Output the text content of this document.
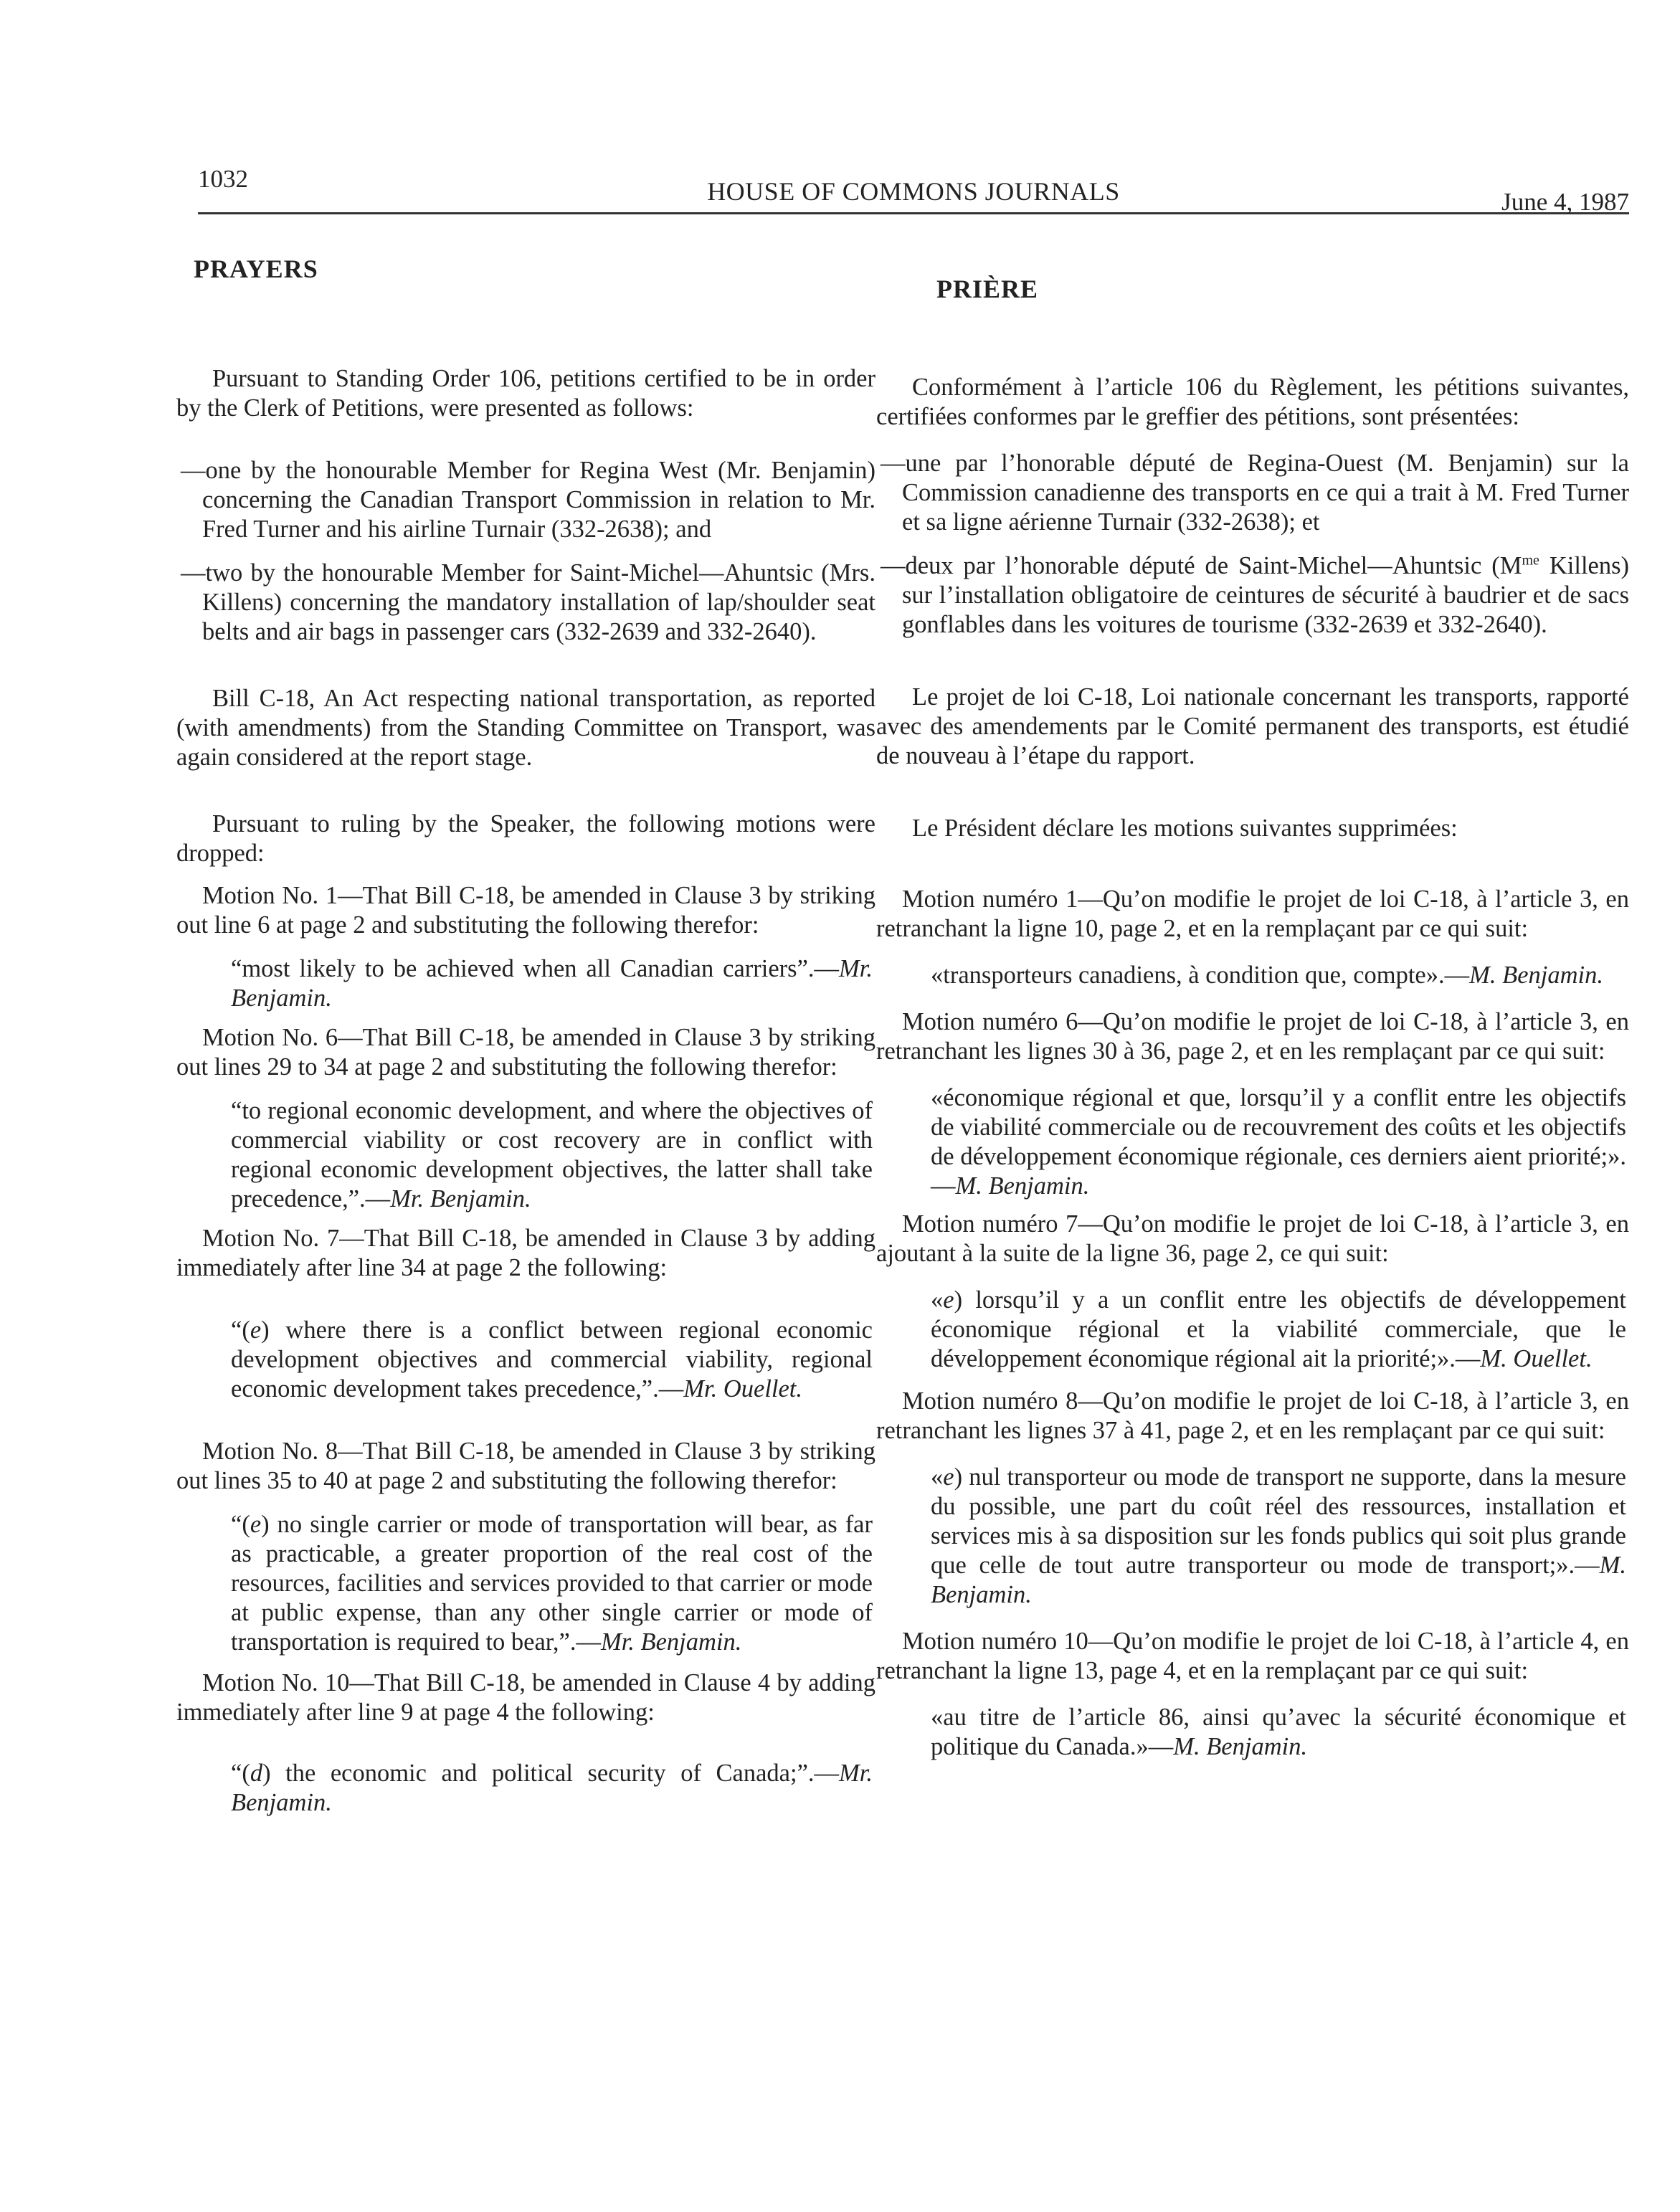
1032	HOUSE OF COMMONS JOURNALS	June 4, 1987
PRAYERS

Pursuant to Standing Order 106, petitions certified to be in order by the Clerk of Petitions, were presented as follows:

—one by the honourable Member for Regina West (Mr. Benjamin) concerning the Canadian Transport Commission in relation to Mr. Fred Turner and his airline Turnair (332-2638); and

—two by the honourable Member for Saint-Michel—Ahuntsic (Mrs. Killens) concerning the mandatory installation of lap/shoulder seat belts and air bags in passenger cars (332-2639 and 332-2640).

Bill C-18, An Act respecting national transportation, as reported (with amendments) from the Standing Committee on Transport, was again considered at the report stage.

Pursuant to ruling by the Speaker, the following motions were dropped:

Motion No. 1—That Bill C-18, be amended in Clause 3 by striking out line 6 at page 2 and substituting the following therefor:

“most likely to be achieved when all Canadian carriers”.—Mr. Benjamin.

Motion No. 6—That Bill C-18, be amended in Clause 3 by striking out lines 29 to 34 at page 2 and substituting the following therefor:

“to regional economic development, and where the objectives of commercial viability or cost recovery are in conflict with regional economic development objectives, the latter shall take precedence,”.—Mr. Benjamin.

Motion No. 7—That Bill C-18, be amended in Clause 3 by adding immediately after line 34 at page 2 the following:

“(e) where there is a conflict between regional economic development objectives and commercial viability, regional economic development takes precedence,”.—Mr. Ouellet.

Motion No. 8—That Bill C-18, be amended in Clause 3 by striking out lines 35 to 40 at page 2 and substituting the following therefor:

“(e) no single carrier or mode of transportation will bear, as far as practicable, a greater proportion of the real cost of the resources, facilities and services provided to that carrier or mode at public expense, than any other single carrier or mode of transportation is required to bear,”.—Mr. Benjamin.

Motion No. 10—That Bill C-18, be amended in Clause 4 by adding immediately after line 9 at page 4 the following:

“(d) the economic and political security of Canada;”.—Mr. Benjamin.

PRIÈRE

Conformément à l’article 106 du Règlement, les pétitions suivantes, certifiées conformes par le greffier des pétitions, sont présentées:

—une par l’honorable député de Regina-Ouest (M. Benjamin) sur la Commission canadienne des transports en ce qui a trait à M. Fred Turner et sa ligne aérienne Turnair (332-2638); et

—deux par l’honorable député de Saint-Michel—Ahuntsic ($M^{me}$ Killens) sur l’installation obligatoire de ceintures de sécurité à baudrier et de sacs gonflables dans les voitures de tourisme (332-2639 et 332-2640).

Le projet de loi C-18, Loi nationale concernant les transports, rapporté avec des amendements par le Comité permanent des transports, est étudié de nouveau à l’étape du rapport.

Le Président déclare les motions suivantes supprimées:

Motion numéro 1—Qu’on modifie le projet de loi C-18, à l’article 3, en retranchant la ligne 10, page 2, et en la remplaçant par ce qui suit:

«transporteurs canadiens, à condition que, compte».—M. Benjamin.

Motion numéro 6—Qu’on modifie le projet de loi C-18, à l’article 3, en retranchant les lignes 30 à 36, page 2, et en les remplaçant par ce qui suit:

«économique régional et que, lorsqu’il y a conflit entre les objectifs de viabilité commerciale ou de recouvrement des coûts et les objectifs de développement économique régionale, ces derniers aient priorité;».—M. Benjamin.

Motion numéro 7—Qu’on modifie le projet de loi C-18, à l’article 3, en ajoutant à la suite de la ligne 36, page 2, ce qui suit:

«e) lorsqu’il y a un conflit entre les objectifs de développement économique régional et la viabilité commerciale, que le développement économique régional ait la priorité;».—M. Ouellet.

Motion numéro 8—Qu’on modifie le projet de loi C-18, à l’article 3, en retranchant les lignes 37 à 41, page 2, et en les remplaçant par ce qui suit:

«e) nul transporteur ou mode de transport ne supporte, dans la mesure du possible, une part du coût réel des ressources, installation et services mis à sa disposition sur les fonds publics qui soit plus grande que celle de tout autre transporteur ou mode de transport;».—M. Benjamin.

Motion numéro 10—Qu’on modifie le projet de loi C-18, à l’article 4, en retranchant la ligne 13, page 4, et en la remplaçant par ce qui suit:

«au titre de l’article 86, ainsi qu’avec la sécurité économique et politique du Canada.»—M. Benjamin.
